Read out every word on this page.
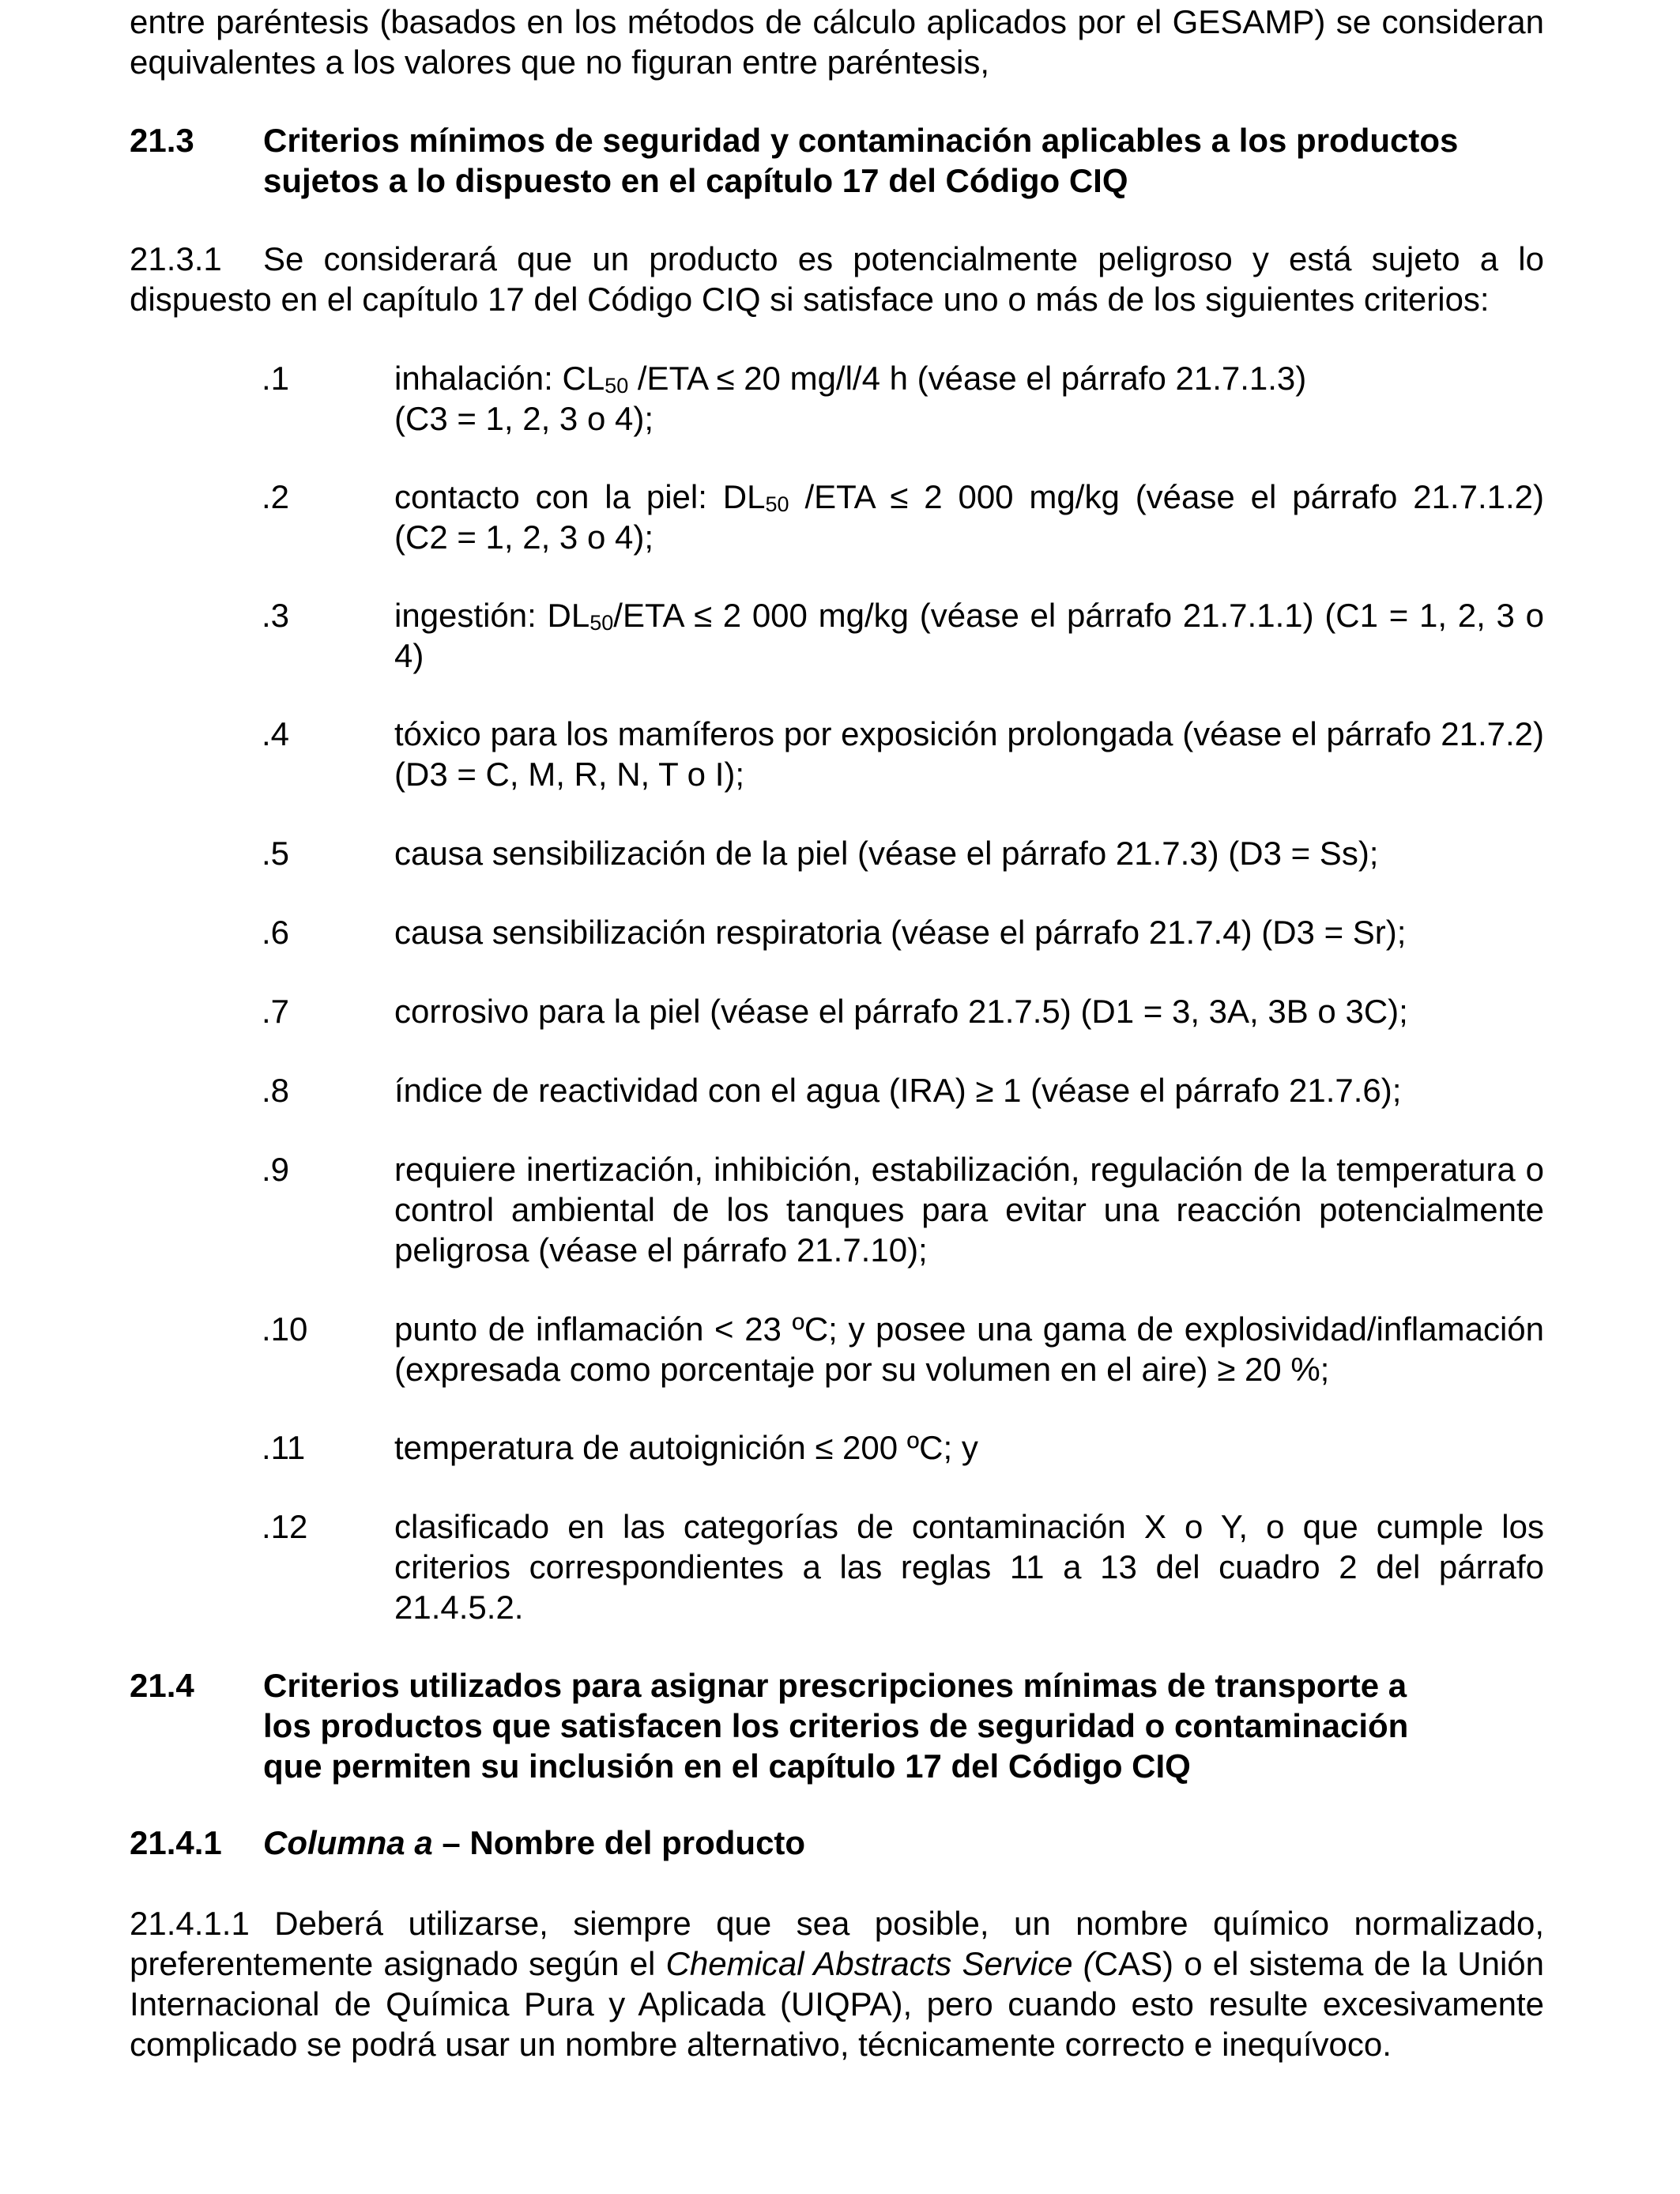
entre paréntesis (basados en los métodos de cálculo aplicados por el GESAMP) se consideran
equivalentes a los valores que no figuran entre paréntesis,
21.3 Criterios mínimos de seguridad y contaminación aplicables a los productos
sujetos a lo dispuesto en el capítulo 17 del Código CIQ
21.3.1 Se considerará que un producto es potencialmente peligroso y está sujeto a lo dispuesto en el capítulo 17 del Código CIQ si satisface uno o más de los siguientes criterios:
.1	inhalación: $CL_{50}$ /ETA ≤ 20 mg/l/4 h (véase el párrafo 21.7.1.3)
(C3 = 1, 2, 3 o 4);
.2	contacto con la piel: $DL_{50}$ /ETA ≤ 2 000 mg/kg (véase el párrafo 21.7.1.2)
(C2 = 1, 2, 3 o 4);
.3	ingestión: $DL_{50}$/ETA ≤ 2 000 mg/kg (véase el párrafo 21.7.1.1) (C1 = 1, 2, 3 o 4)
.4	tóxico para los mamíferos por exposición prolongada (véase el párrafo 21.7.2) (D3 = C, M, R, N, T o I);
.5	causa sensibilización de la piel (véase el párrafo 21.7.3) (D3 = Ss);
.6	causa sensibilización respiratoria (véase el párrafo 21.7.4) (D3 = Sr);
.7	corrosivo para la piel (véase el párrafo 21.7.5) (D1 = 3, 3A, 3B o 3C);
.8	índice de reactividad con el agua (IRA) ≥ 1 (véase el párrafo 21.7.6);
.9	requiere inertización, inhibición, estabilización, regulación de la temperatura o control ambiental de los tanques para evitar una reacción potencialmente peligrosa (véase el párrafo 21.7.10);
.10	punto de inflamación < 23 ºC; y posee una gama de explosividad/inflamación (expresada como porcentaje por su volumen en el aire) ≥ 20 %;
.11	temperatura de autoignición ≤ 200 ºC; y
.12	clasificado en las categorías de contaminación X o Y, o que cumple los criterios correspondientes a las reglas 11 a 13 del cuadro 2 del párrafo 21.4.5.2.
21.4 Criterios utilizados para asignar prescripciones mínimas de transporte a
los productos que satisfacen los criterios de seguridad o contaminación
que permiten su inclusión en el capítulo 17 del Código CIQ
21.4.1 Columna a – Nombre del producto
21.4.1.1 Deberá utilizarse, siempre que sea posible, un nombre químico normalizado, preferentemente asignado según el Chemical Abstracts Service (CAS) o el sistema de la Unión Internacional de Química Pura y Aplicada (UIQPA), pero cuando esto resulte excesivamente complicado se podrá usar un nombre alternativo, técnicamente correcto e inequívoco.
